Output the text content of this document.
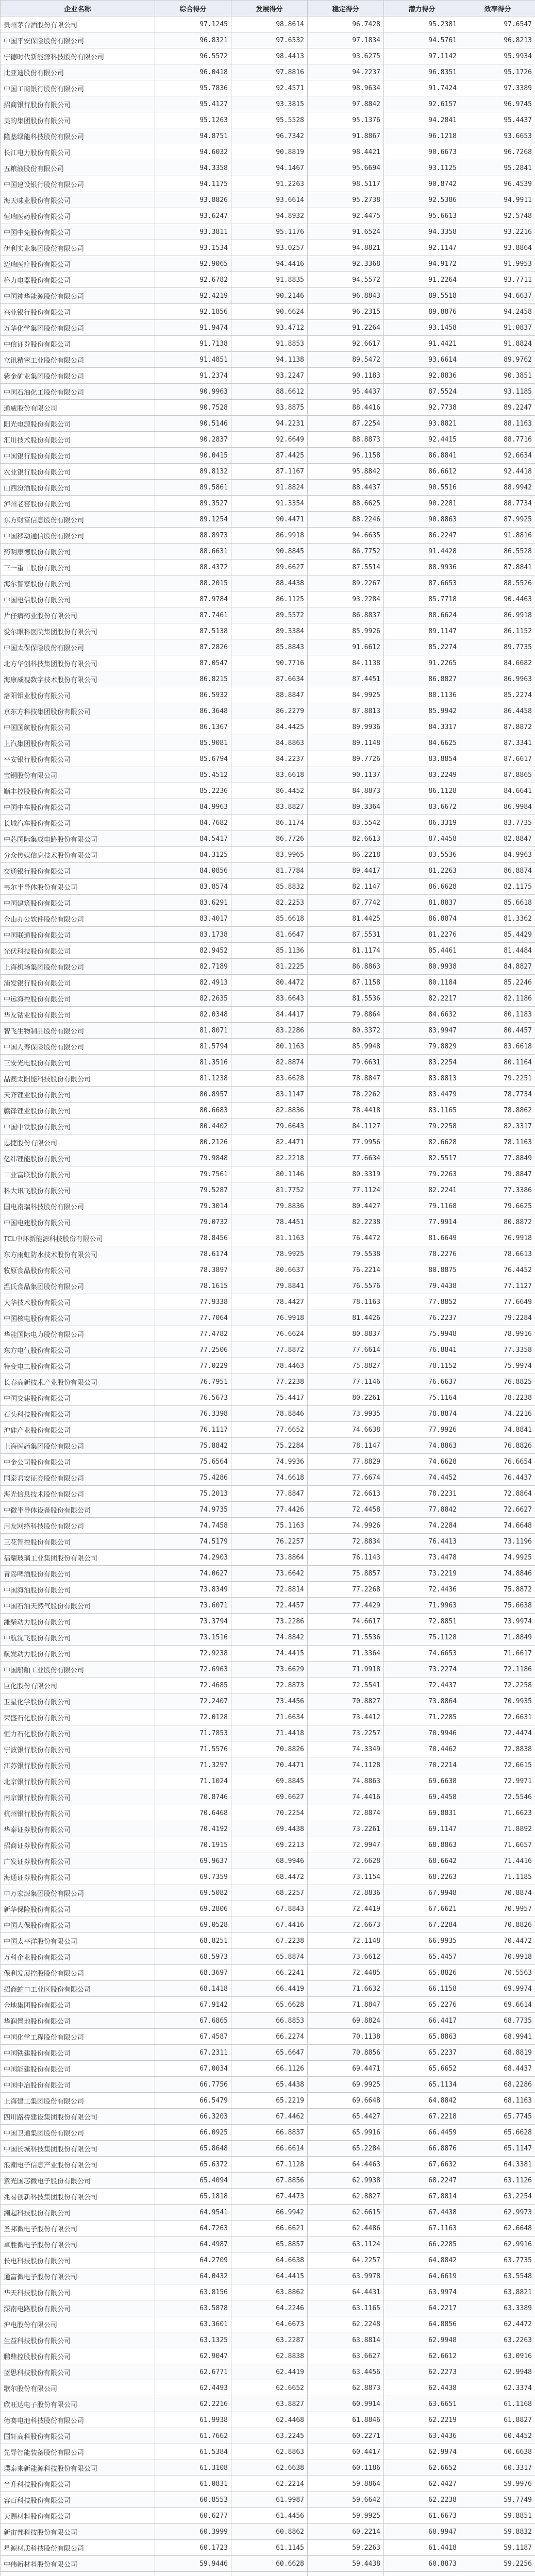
企业名称	综合得分	发展得分	稳定得分	潜力得分	效率得分
贵州茅台酒股份有限公司	97.1245	98.8614	96.7428	95.2381	97.6547
中国平安保险股份有限公司	96.8321	97.6532	97.1834	94.5761	96.8213
宁德时代新能源科技股份有限公司	96.5572	98.4413	93.6275	97.1142	95.9934
比亚迪股份有限公司	96.0418	97.8816	94.2237	96.8351	95.1726
中国工商银行股份有限公司	95.7836	92.4571	98.9634	91.7424	97.3389
招商银行股份有限公司	95.4127	93.3815	97.8842	92.6157	96.9745
美的集团股份有限公司	95.1263	95.5528	95.1376	94.2841	95.4437
隆基绿能科技股份有限公司	94.8751	96.7342	91.8867	96.1218	93.6653
长江电力股份有限公司	94.6032	90.8819	98.4421	90.6673	96.7268
五粮液股份有限公司	94.3358	94.1467	95.6694	93.1125	95.2841
中国建设银行股份有限公司	94.1175	91.2263	98.5117	90.8742	96.4539
海天味业股份有限公司	93.8826	93.6614	95.2738	92.5386	94.9911
恒瑞医药股份有限公司	93.6247	94.8932	92.4475	95.6613	92.5748
中国中免股份有限公司	93.3811	95.1176	91.6524	94.3358	93.2216
伊利实业集团股份有限公司	93.1534	93.0257	94.8821	92.1147	93.8864
迈瑞医疗股份有限公司	92.9065	94.4416	92.3368	94.9172	91.9953
格力电器股份有限公司	92.6782	91.8835	94.5572	91.2264	93.7711
中国神华能源股份有限公司	92.4219	90.2146	96.8843	89.5518	94.6637
兴业银行股份有限公司	92.1856	90.6624	96.2315	89.8876	94.2458
万华化学集团股份有限公司	91.9474	93.4712	91.2264	93.1458	91.0837
中信证券股份有限公司	91.7138	91.8853	92.6617	91.4421	91.8824
立讯精密工业股份有限公司	91.4851	94.1138	89.5472	93.6614	89.9762
紫金矿业集团股份有限公司	91.2374	93.2247	90.1183	92.8836	90.3851
中国石油化工股份有限公司	90.9963	88.6612	95.4437	87.5524	93.1185
通威股份有限公司	90.7528	93.8875	88.4416	92.7738	89.2247
阳光电源股份有限公司	90.5146	94.2231	87.2254	93.8821	88.1163
汇川技术股份有限公司	90.2837	92.6649	88.8873	92.4415	88.7716
中国银行股份有限公司	90.0415	87.4425	96.1158	86.8841	92.6634
农业银行股份有限公司	89.8132	87.1167	95.8842	86.6612	92.4418
山西汾酒股份有限公司	89.5861	91.8824	88.4437	90.5516	88.9942
泸州老窖股份有限公司	89.3527	91.3354	88.6625	90.2281	88.7734
东方财富信息股份有限公司	89.1254	90.4471	88.2246	90.8863	87.9925
中国移动通信股份有限公司	88.8973	86.9918	94.6635	86.2247	91.8816
药明康德股份有限公司	88.6631	90.8845	86.7752	91.4428	86.5528
三一重工股份有限公司	88.4372	89.6627	87.5514	88.9936	87.8841
海尔智家股份有限公司	88.2015	88.4438	89.2267	87.6653	88.5526
中国电信股份有限公司	87.9784	86.1125	93.2284	85.7718	90.4463
片仔癀药业股份有限公司	87.7461	89.5572	86.8837	88.6624	86.9918
爱尔眼科医院集团股份有限公司	87.5138	89.3384	85.9926	89.1147	86.1152
中国太保保险股份有限公司	87.2826	85.8843	91.6612	85.2274	89.7735
北方华创科技集团股份有限公司	87.0547	90.7716	84.1138	91.2265	84.6682
海康威视数字技术股份有限公司	86.8215	87.6634	87.4451	86.8827	86.9963
洛阳钼业股份有限公司	86.5932	88.8847	84.9925	88.1136	85.2274
京东方科技集团股份有限公司	86.3648	86.2279	87.8813	85.9942	86.4458
中国国航股份有限公司	86.1367	84.4425	89.9936	84.3317	87.8872
上汽集团股份有限公司	85.9081	84.8863	89.1148	84.6625	87.3341
平安银行股份有限公司	85.6794	84.2237	89.7726	83.8854	87.6617
宝钢股份有限公司	85.4512	83.6618	90.1137	83.2249	87.8865
顺丰控股股份有限公司	85.2236	86.4452	84.8873	86.1128	84.6641
中国中车股份有限公司	84.9963	83.8827	89.3364	83.6672	86.9984
长城汽车股份有限公司	84.7682	86.1174	83.5542	86.3319	83.7735
中芯国际集成电路股份有限公司	84.5417	86.7726	82.6613	87.4458	82.8847
分众传媒信息技术股份有限公司	84.3125	83.9965	86.2218	83.5536	84.9963
交通银行股份有限公司	84.0856	81.7784	89.4417	81.2263	86.8874
韦尔半导体股份有限公司	83.8574	85.8832	82.1147	86.6628	82.1175
中国建筑股份有限公司	83.6291	82.2253	87.7742	81.8837	85.6618
金山办公软件股份有限公司	83.4017	85.6618	81.4425	86.8874	81.3362
中国联通股份有限公司	83.1738	81.6647	87.5531	81.2276	85.4429
光伏科技股份有限公司	82.9452	85.1136	81.1174	85.4461	81.4484
上海机场集团股份有限公司	82.7189	81.2225	86.8863	80.9938	84.8827
浦发银行股份有限公司	82.4913	80.4472	87.1158	80.1184	85.2246
中远海控股份有限公司	82.2635	83.6643	81.5536	82.2217	82.1186
华友钴业股份有限公司	82.0348	84.4417	79.8864	84.6632	80.1183
智飞生物制品股份有限公司	81.8071	83.2286	80.3372	83.9947	80.4457
中国人寿保险股份有限公司	81.5794	80.1163	85.9948	79.8829	83.6618
三安光电股份有限公司	81.3516	82.8874	79.6631	83.2254	80.1164
晶澳太阳能科技股份有限公司	81.1238	83.6628	78.8847	83.8813	79.2251
天齐锂业股份有限公司	80.8957	83.1147	78.2262	83.4479	78.7734
赣锋锂业股份有限公司	80.6683	82.8836	78.4418	83.1165	78.8862
中国中铁股份有限公司	80.4402	79.6643	84.1127	79.2258	82.3317
恩捷股份有限公司	80.2126	82.4471	77.9956	82.6628	78.1163
亿纬锂能股份有限公司	79.9848	82.2218	77.6634	82.5517	77.8849
工业富联股份有限公司	79.7561	80.1146	80.3319	79.2263	79.8847
科大讯飞股份有限公司	79.5287	81.7752	77.1124	82.2241	77.3386
国电南瑞科技股份有限公司	79.3014	79.8836	80.4427	79.1168	79.6625
中国电建股份有限公司	79.0732	78.4451	82.2238	77.9914	80.8872
TCL中环新能源科技股份有限公司	78.8456	81.1163	76.4472	81.6649	76.9918
东方雨虹防水技术股份有限公司	78.6174	78.9925	79.5538	78.2276	78.6613
牧原食品股份有限公司	78.3897	80.6637	76.2214	80.8875	76.4452
温氏食品集团股份有限公司	78.1615	79.8841	76.5576	79.4438	77.1127
大华技术股份有限公司	77.9338	78.4427	78.1163	77.8852	77.6649
中国核电股份有限公司	77.7064	76.9918	81.4426	76.2237	79.2284
华能国际电力股份有限公司	77.4782	76.6624	80.8837	75.9948	78.9916
东方电气股份有限公司	77.2506	77.8872	77.6614	76.8841	77.3358
特变电工股份有限公司	77.0229	78.4463	75.8827	78.1152	75.9974
长春高新技术产业股份有限公司	76.7951	77.2238	77.1146	76.6637	76.8825
中国交建股份有限公司	76.5673	75.4417	80.2261	75.1164	78.2238
石头科技股份有限公司	76.3398	78.8846	73.9935	78.8874	74.2216
沪硅产业股份有限公司	76.1117	77.6652	74.6638	77.9926	74.8841
上海医药集团股份有限公司	75.8842	75.2284	78.1147	74.8863	76.8826
中金公司股份有限公司	75.6564	74.9936	77.8829	74.6628	76.6654
国泰君安证券股份有限公司	75.4286	74.6618	77.6674	74.4452	76.4437
海光信息技术股份有限公司	75.2013	77.8847	72.6613	78.2231	72.8864
中微半导体设备股份有限公司	74.9735	77.4426	72.4458	77.8842	72.6627
用友网络科技股份有限公司	74.7458	75.1163	74.9926	74.2284	74.6648
三花智控股份有限公司	74.5179	76.2257	72.8834	76.4413	73.1196
福耀玻璃工业集团股份有限公司	74.2903	73.8864	76.1143	73.4478	74.9925
青岛啤酒股份有限公司	74.0627	73.6642	75.8857	73.2219	74.8846
中国海油股份有限公司	73.8349	72.8814	77.2268	72.4436	75.8872
中国石油天然气股份有限公司	73.6071	72.4457	77.4429	71.9963	75.6638
潍柴动力股份有限公司	73.3794	73.2286	74.6617	72.8851	73.9974
中航沈飞股份有限公司	73.1516	74.8842	71.5536	75.1128	71.8849
航发动力股份有限公司	72.9238	74.4415	71.3364	74.6653	71.6617
中国船舶工业股份有限公司	72.6963	73.6629	71.9918	73.2274	72.1186
巨化股份有限公司	72.4685	72.8873	72.5541	72.4437	72.2258
卫星化学股份有限公司	72.2407	73.4456	70.8827	73.8864	70.9935
荣盛石化股份有限公司	72.0128	71.6634	73.4412	71.2285	72.6631
恒力石化股份有限公司	71.7853	71.4418	73.2257	70.9946	72.4474
宁波银行股份有限公司	71.5576	70.8826	74.3349	70.4462	72.8838
江苏银行股份有限公司	71.3297	70.4471	74.1128	70.2214	72.6615
北京银行股份有限公司	71.1024	69.8845	74.8863	69.6638	72.9971
南京银行股份有限公司	70.8746	69.6627	74.4416	69.4458	72.5546
杭州银行股份有限公司	70.6468	70.2254	72.8874	69.8831	71.6623
华泰证券股份有限公司	70.4192	69.4438	73.2261	69.1147	71.8892
招商证券股份有限公司	70.1915	69.2213	72.9947	68.8863	71.6657
广发证券股份有限公司	69.9637	68.9946	72.6628	68.6642	71.4416
海通证券股份有限公司	69.7359	68.4472	73.1154	68.2263	71.1185
申万宏源集团股份有限公司	69.5082	68.2257	72.8836	67.9948	70.8874
新华保险股份有限公司	69.2806	67.8843	72.4419	67.6621	70.9957
中国人保股份有限公司	69.0528	67.4416	72.6673	67.2284	70.8826
中国太平洋股份有限公司	68.8251	67.2238	72.1148	66.9935	70.4472
万科企业股份有限公司	68.5973	65.8874	73.6612	65.4457	70.9918
保利发展控股股份有限公司	68.3697	66.2241	72.4485	65.8826	70.5563
招商蛇口工业区股份有限公司	68.1418	66.4419	71.6632	66.1158	69.9974
金地集团股份有限公司	67.9142	65.6628	71.8847	65.2276	69.6614
华润置地股份有限公司	67.6865	66.8853	69.8824	66.4417	68.7735
中国化学工程股份有限公司	67.4587	66.2274	70.1138	65.8863	68.9941
中国铁建股份有限公司	67.2311	65.6647	70.8856	65.2237	68.8819
中国能建股份有限公司	67.0034	66.1126	69.4471	65.6652	68.4437
中国中冶股份有限公司	66.7756	65.4438	69.9925	65.1134	68.2286
上海建工集团股份有限公司	66.5479	65.2219	69.6648	64.8842	68.1163
四川路桥建设集团股份有限公司	66.3203	67.4462	65.4427	67.2218	65.7745
中国卫通集团股份有限公司	66.0925	66.8837	65.9916	66.4459	65.6628
中国长城科技集团股份有限公司	65.8648	66.6614	65.2284	66.8876	65.1147
浪潮电子信息产业股份有限公司	65.6372	67.1128	64.4463	67.6632	64.3381
紫光国芯微电子股份有限公司	65.4094	67.8856	62.9938	68.2247	63.1126
兆易创新科技集团股份有限公司	65.1818	67.4473	62.8827	67.8814	63.2254
澜起科技股份有限公司	64.9541	66.9942	62.6615	67.4438	62.9973
圣邦微电子股份有限公司	64.7263	66.6621	62.4486	67.1163	62.6648
卓胜微电子股份有限公司	64.4987	65.8857	63.1124	66.2285	62.9916
长电科技股份有限公司	64.2709	64.6638	64.2257	64.8842	63.7735
通富微电子股份有限公司	64.0432	64.4415	63.9978	64.6619	63.5548
华天科技股份有限公司	63.8156	63.8862	64.4431	63.9974	63.8821
深南电路股份有限公司	63.5878	64.2246	63.1165	64.2217	63.3389
沪电股份有限公司	63.3601	64.6673	62.2248	64.8856	62.4472
生益科技股份有限公司	63.1325	63.2287	63.8814	62.9948	63.2263
鹏鼎控股股份有限公司	62.9047	62.8838	63.6627	62.6612	63.0916
蓝思科技股份有限公司	62.6771	62.4419	63.4456	62.2273	62.9948
歌尔股份有限公司	62.4493	62.6652	62.8873	62.4438	62.3374
欣旺达电子股份有限公司	62.2216	63.8827	60.9914	63.6651	61.1168
德赛电池科技股份有限公司	61.9938	62.4468	61.8846	62.2219	61.8827
国轩高科股份有限公司	61.7662	63.2245	60.2271	63.4436	60.4452
先导智能装备股份有限公司	61.5384	62.8863	60.4417	62.9974	60.6638
璞泰来新能源科技股份有限公司	61.3108	62.6638	60.1186	62.6652	60.3317
当升科技股份有限公司	61.0831	62.2214	59.8864	62.4427	59.9976
容百科技股份有限公司	60.8553	61.9987	59.6642	62.2238	59.7749
天赐材料股份有限公司	60.6277	61.4456	59.9925	61.6673	59.8851
新宙邦科技股份有限公司	60.3999	60.8862	60.2214	60.9947	59.8832
星源材质科技股份有限公司	60.1723	61.1145	59.2263	61.4418	59.1187
中伟新材料股份有限公司	59.9446	60.6628	59.4438	60.8873	59.2256
